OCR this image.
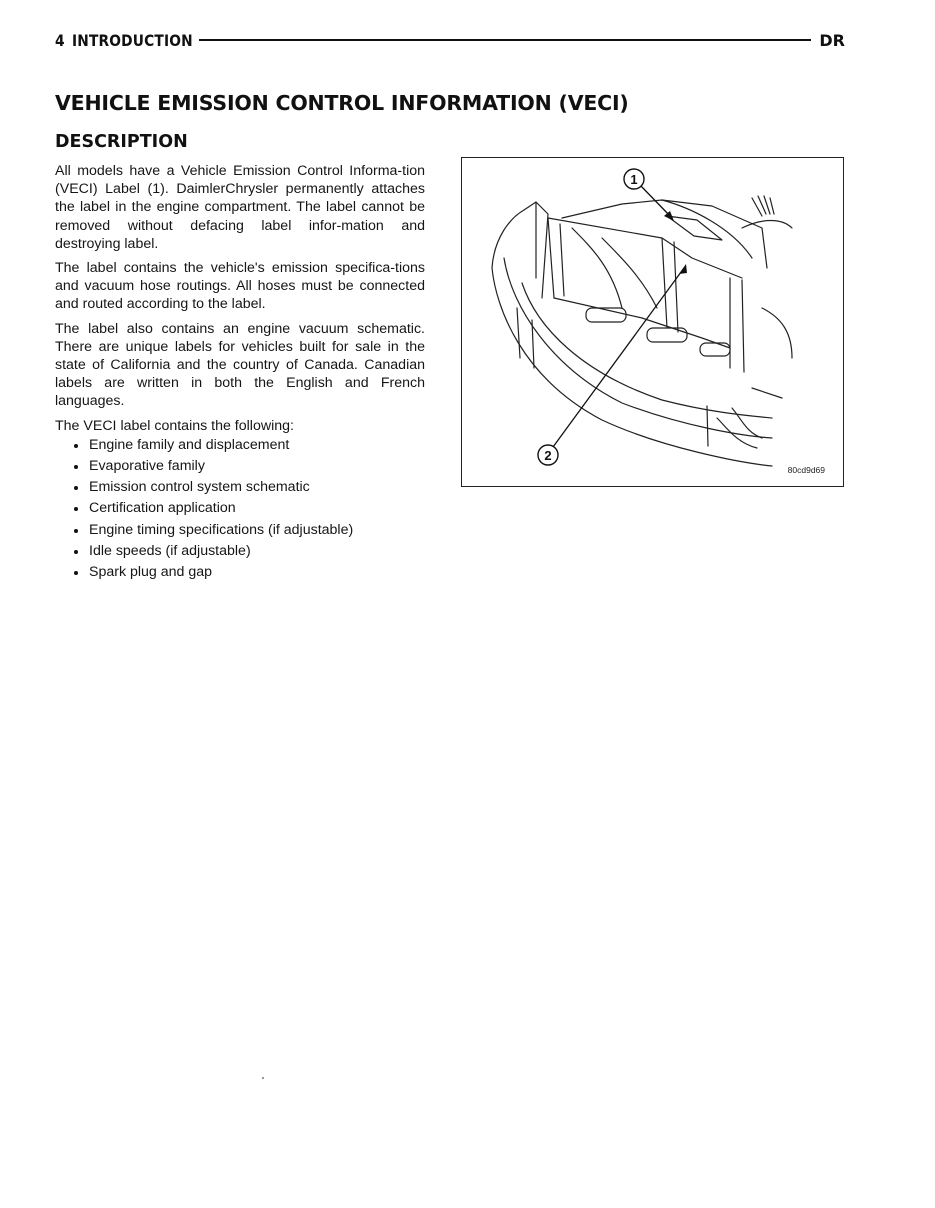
4 INTRODUCTION	DR
VEHICLE EMISSION CONTROL INFORMATION (VECI)
DESCRIPTION

All models have a Vehicle Emission Control Informa-tion (VECI) Label (1). DaimlerChrysler permanently attaches the label in the engine compartment. The label cannot be removed without defacing label infor-mation and destroying label.

The label contains the vehicle's emission specifica-tions and vacuum hose routings. All hoses must be connected and routed according to the label.

The label also contains an engine vacuum schematic. There are unique labels for vehicles built for sale in the state of California and the country of Canada. Canadian labels are written in both the English and French languages.

The VECI label contains the following:

Engine family and displacement
Evaporative family
Emission control system schematic
Certification application
Engine timing specifications (if adjustable)
Idle speeds (if adjustable)
Spark plug and gap
1
2
80cd9d69
